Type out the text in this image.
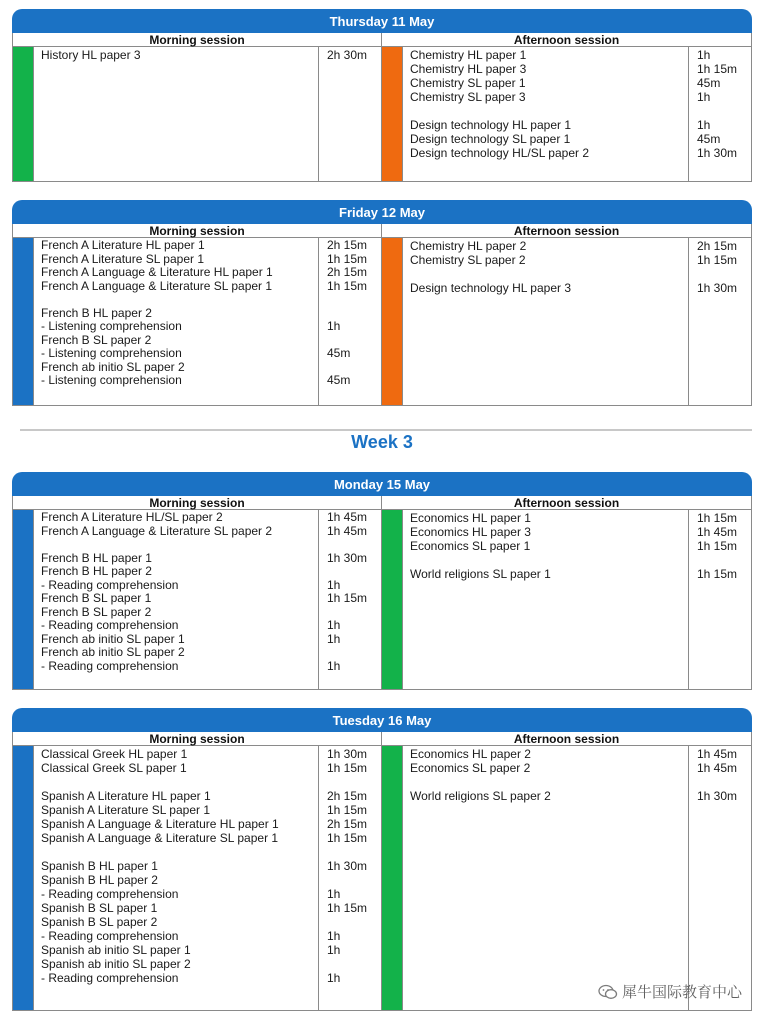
Thursday 11 May
Morning session
History HL paper 3	2h 30m
Afternoon session
Chemistry HL paper 1
Chemistry HL paper 3
Chemistry SL paper 1
Chemistry SL paper 3
Design technology HL paper 1
Design technology SL paper 1
Design technology HL/SL paper 2
1h
1h 15m
45m
1h
1h
45m
1h 30m
Friday 12 May
Morning session
French A Literature HL paper 1
French A Literature SL paper 1
French A Language & Literature HL paper 1
French A Language & Literature SL paper 1
French B HL paper 2
- Listening comprehension
French B SL paper 2
- Listening comprehension
French ab initio SL paper 2
- Listening comprehension
2h 15m
1h 15m
2h 15m
1h 15m
1h
45m
45m
Afternoon session
Chemistry HL paper 2
Chemistry SL paper 2
Design technology HL paper 3
2h 15m
1h 15m
1h 30m
Week 3
Monday 15 May
Morning session
French A Literature HL/SL paper 2
French A Language & Literature SL paper 2
French B HL paper 1
French B HL paper 2
- Reading comprehension
French B SL paper 1
French B SL paper 2
- Reading comprehension
French ab initio SL paper 1
French ab initio SL paper 2
- Reading comprehension
1h 45m
1h 45m
1h 30m
1h
1h 15m
1h
1h
1h
Afternoon session
Economics HL paper 1
Economics HL paper 3
Economics SL paper 1
World religions SL paper 1
1h 15m
1h 45m
1h 15m
1h 15m
Tuesday 16 May
Morning session
Classical Greek HL paper 1
Classical Greek SL paper 1
Spanish A Literature HL paper 1
Spanish A Literature SL paper 1
Spanish A Language & Literature HL paper 1
Spanish A Language & Literature SL paper 1
Spanish B HL paper 1
Spanish B HL paper 2
- Reading comprehension
Spanish B SL paper 1
Spanish B SL paper 2
- Reading comprehension
Spanish ab initio SL paper 1
Spanish ab initio SL paper 2
- Reading comprehension
1h 30m
1h 15m
2h 15m
1h 15m
2h 15m
1h 15m
1h 30m
1h
1h 15m
1h
1h
1h
Afternoon session
Economics HL paper 2
Economics SL paper 2
World religions SL paper 2
1h 45m
1h 45m
1h 30m
犀牛国际教育中心
